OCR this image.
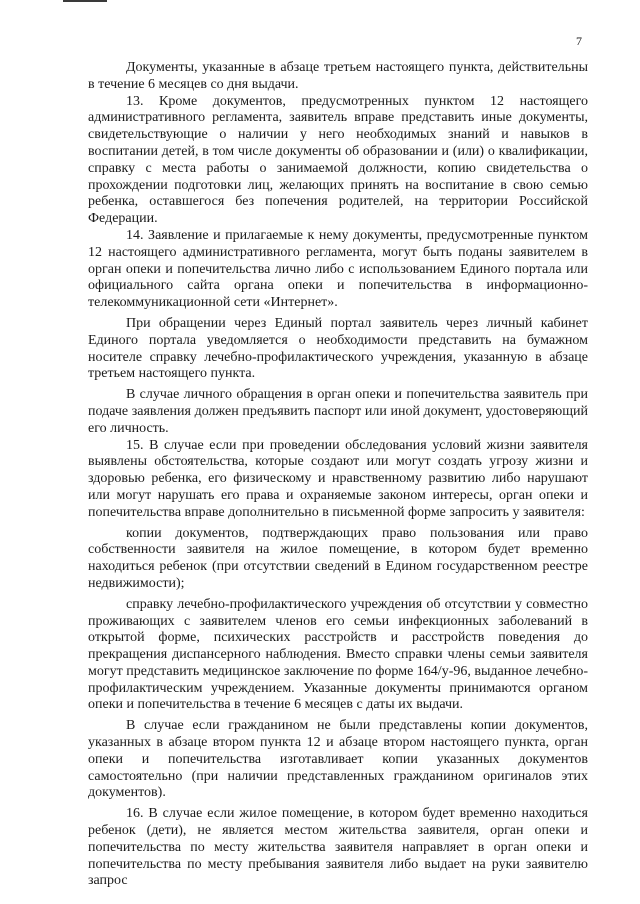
7

Документы, указанные в абзаце третьем настоящего пункта, действительны в течение 6 месяцев со дня выдачи.

13. Кроме документов, предусмотренных пунктом 12 настоящего административного регламента, заявитель вправе представить иные документы, свидетельствующие о наличии у него необходимых знаний и навыков в воспитании детей, в том числе документы об образовании и (или) о квалификации, справку с места работы о занимаемой должности, копию свидетельства о прохождении подготовки лиц, желающих принять на воспитание в свою семью ребенка, оставшегося без попечения родителей, на территории Российской Федерации.

14. Заявление и прилагаемые к нему документы, предусмотренные пунктом 12 настоящего административного регламента, могут быть поданы заявителем в орган опеки и попечительства лично либо с использованием Единого портала или официального сайта органа опеки и попечительства в информационно-телекоммуникационной сети «Интернет».

При обращении через Единый портал заявитель через личный кабинет Единого портала уведомляется о необходимости представить на бумажном носителе справку лечебно-профилактического учреждения, указанную в абзаце третьем настоящего пункта.

В случае личного обращения в орган опеки и попечительства заявитель при подаче заявления должен предъявить паспорт или иной документ, удостоверяющий его личность.

15. В случае если при проведении обследования условий жизни заявителя выявлены обстоятельства, которые создают или могут создать угрозу жизни и здоровью ребенка, его физическому и нравственному развитию либо нарушают или могут нарушать его права и охраняемые законом интересы, орган опеки и попечительства вправе дополнительно в письменной форме запросить у заявителя:

копии документов, подтверждающих право пользования или право собственности заявителя на жилое помещение, в котором будет временно находиться ребенок (при отсутствии сведений в Едином государственном реестре недвижимости);

справку лечебно-профилактического учреждения об отсутствии у совместно проживающих с заявителем членов его семьи инфекционных заболеваний в открытой форме, психических расстройств и расстройств поведения до прекращения диспансерного наблюдения. Вместо справки члены семьи заявителя могут представить медицинское заключение по форме 164/у-96, выданное лечебно-профилактическим учреждением. Указанные документы принимаются органом опеки и попечительства в течение 6 месяцев с даты их выдачи.

В случае если гражданином не были представлены копии документов, указанных в абзаце втором пункта 12 и абзаце втором настоящего пункта, орган опеки и попечительства изготавливает копии указанных документов самостоятельно (при наличии представленных гражданином оригиналов этих документов).

16. В случае если жилое помещение, в котором будет временно находиться ребенок (дети), не является местом жительства заявителя, орган опеки и попечительства по месту жительства заявителя направляет в орган опеки и попечительства по месту пребывания заявителя либо выдает на руки заявителю запрос
